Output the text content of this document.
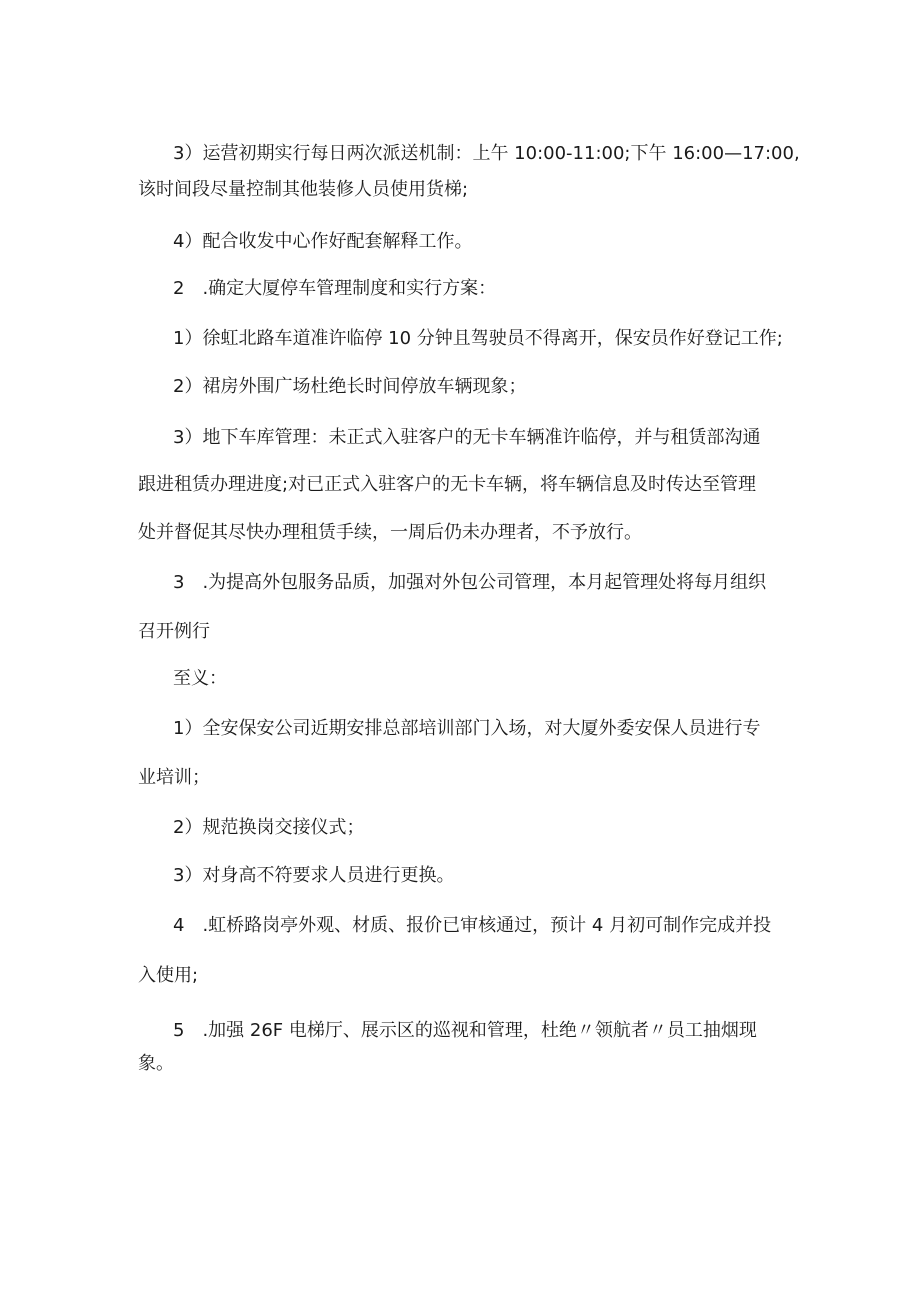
3）运营初期实行每日两次派送机制：上午 10:00-11:00;下午 16:00—17:00,

该时间段尽量控制其他装修人员使用货梯;

4）配合收发中心作好配套解释工作。

2　.确定大厦停车管理制度和实行方案：

1）徐虹北路车道准许临停 10 分钟且驾驶员不得离开，保安员作好登记工作;

2）裙房外围广场杜绝长时间停放车辆现象；

3）地下车库管理：未正式入驻客户的无卡车辆准许临停，并与租赁部沟通

跟进租赁办理进度;对已正式入驻客户的无卡车辆，将车辆信息及时传达至管理

处并督促其尽快办理租赁手续，一周后仍未办理者，不予放行。

3　.为提高外包服务品质，加强对外包公司管理，本月起管理处将每月组织

召开例行

至义：

1）全安保安公司近期安排总部培训部门入场，对大厦外委安保人员进行专

业培训；

2）规范换岗交接仪式；

3）对身高不符要求人员进行更换。

4　.虹桥路岗亭外观、材质、报价已审核通过，预计 4 月初可制作完成并投

入使用;

5　.加强 26F 电梯厅、展示区的巡视和管理，杜绝〃领航者〃员工抽烟现

象。
